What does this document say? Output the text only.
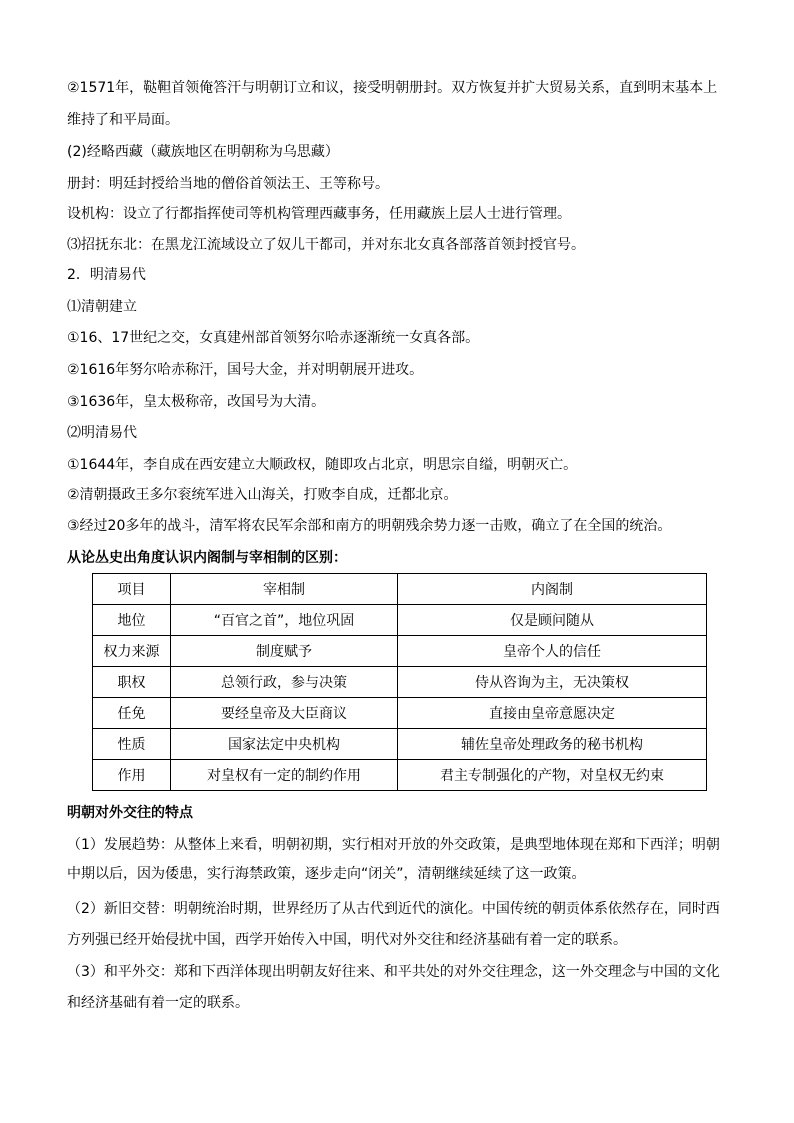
②1571年，鞑靼首领俺答汗与明朝订立和议，接受明朝册封。双方恢复并扩大贸易关系，直到明末基本上
维持了和平局面。
(2)经略西藏（藏族地区在明朝称为乌思藏）
册封：明廷封授给当地的僧俗首领法王、王等称号。
设机构：设立了行都指挥使司等机构管理西藏事务，任用藏族上层人士进行管理。
⑶招抚东北：在黑龙江流域设立了奴儿干都司，并对东北女真各部落首领封授官号。
2．明清易代
⑴清朝建立
①16、17世纪之交，女真建州部首领努尔哈赤逐渐统一女真各部。
②1616年努尔哈赤称汗，国号大金，并对明朝展开进攻。
③1636年，皇太极称帝，改国号为大清。
⑵明清易代
①1644年，李自成在西安建立大顺政权，随即攻占北京，明思宗自缢，明朝灭亡。
②清朝摄政王多尔衮统军进入山海关，打败李自成，迁都北京。
③经过20多年的战斗，清军将农民军余部和南方的明朝残余势力逐一击败，确立了在全国的统治。
从论丛史出角度认识内阁制与宰相制的区别：
项目	宰相制	内阁制
地位	“百官之首”，地位巩固	仅是顾问随从
权力来源	制度赋予	皇帝个人的信任
职权	总领行政，参与决策	侍从咨询为主，无决策权
任免	要经皇帝及大臣商议	直接由皇帝意愿决定
性质	国家法定中央机构	辅佐皇帝处理政务的秘书机构
作用	对皇权有一定的制约作用	君主专制强化的产物，对皇权无约束
明朝对外交往的特点
（1）发展趋势：从整体上来看，明朝初期，实行相对开放的外交政策，是典型地体现在郑和下西洋；明朝
中期以后，因为倭患，实行海禁政策，逐步走向“闭关”，清朝继续延续了这一政策。
（2）新旧交替：明朝统治时期，世界经历了从古代到近代的演化。中国传统的朝贡体系依然存在，同时西
方列强已经开始侵扰中国，西学开始传入中国，明代对外交往和经济基础有着一定的联系。
（3）和平外交：郑和下西洋体现出明朝友好往来、和平共处的对外交往理念，这一外交理念与中国的文化
和经济基础有着一定的联系。
